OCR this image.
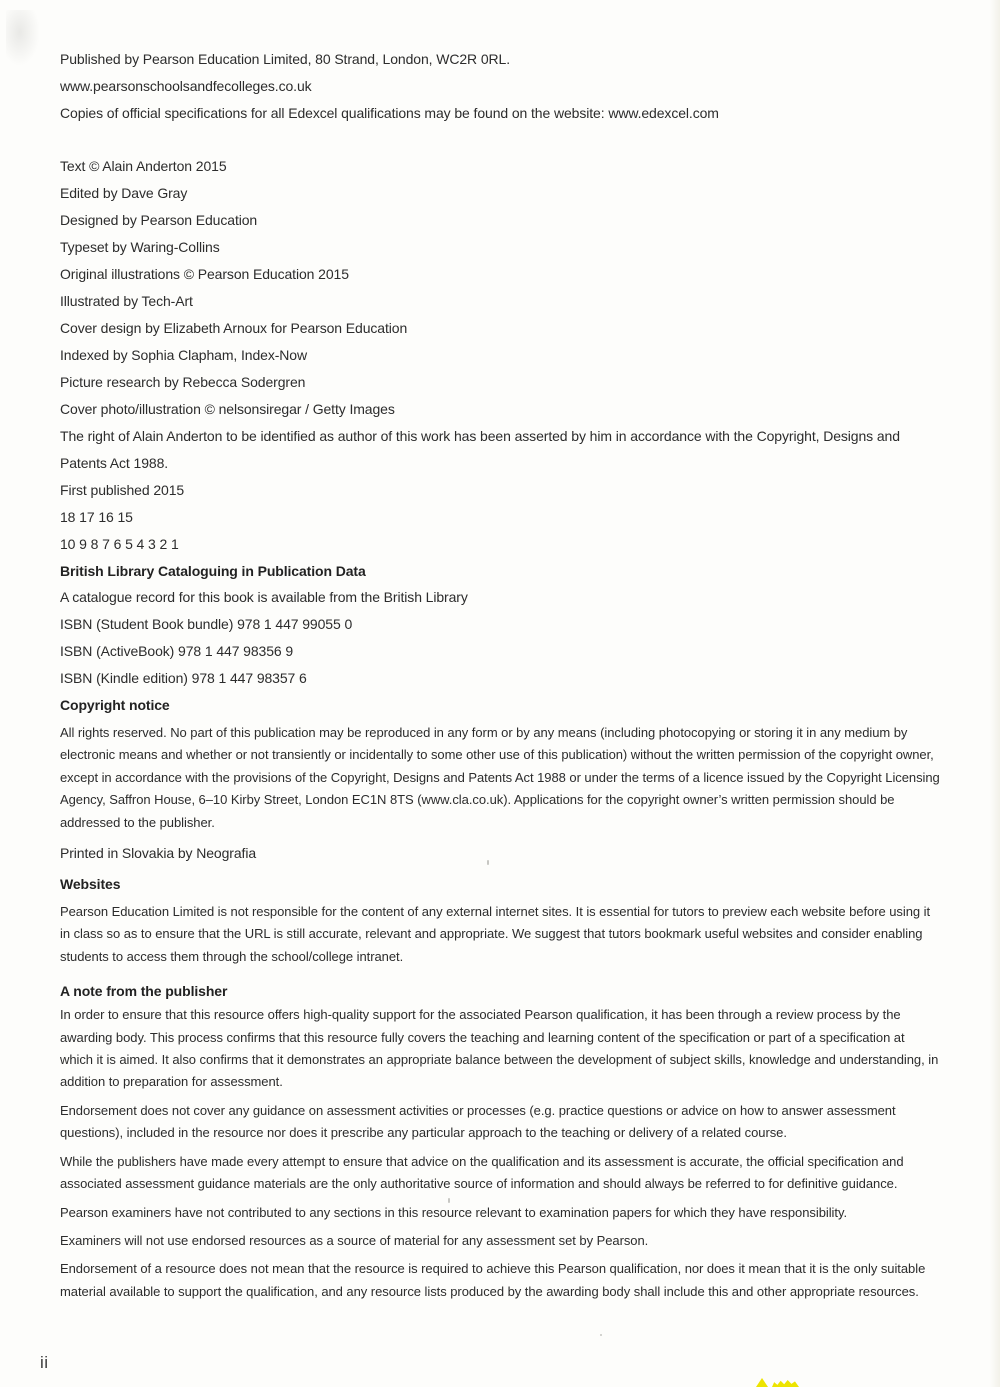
Published by Pearson Education Limited, 80 Strand, London, WC2R 0RL.
www.pearsonschoolsandfecolleges.co.uk
Copies of official specifications for all Edexcel qualifications may be found on the website: www.edexcel.com
Text © Alain Anderton 2015
Edited by Dave Gray
Designed by Pearson Education
Typeset by Waring-Collins
Original illustrations © Pearson Education 2015
Illustrated by Tech-Art
Cover design by Elizabeth Arnoux for Pearson Education
Indexed by Sophia Clapham, Index-Now
Picture research by Rebecca Sodergren
Cover photo/illustration © nelsonsiregar / Getty Images
The right of Alain Anderton to be identified as author of this work has been asserted by him in accordance with the Copyright, Designs and Patents Act 1988.
First published 2015
18 17 16 15
10 9 8 7 6 5 4 3 2 1
British Library Cataloguing in Publication Data
A catalogue record for this book is available from the British Library
ISBN (Student Book bundle) 978 1 447 99055 0
ISBN (ActiveBook) 978 1 447 98356 9
ISBN (Kindle edition) 978 1 447 98357 6
Copyright notice
All rights reserved. No part of this publication may be reproduced in any form or by any means (including photocopying or storing it in any medium by electronic means and whether or not transiently or incidentally to some other use of this publication) without the written permission of the copyright owner, except in accordance with the provisions of the Copyright, Designs and Patents Act 1988 or under the terms of a licence issued by the Copyright Licensing Agency, Saffron House, 6–10 Kirby Street, London EC1N 8TS (www.cla.co.uk). Applications for the copyright owner’s written permission should be addressed to the publisher.
Printed in Slovakia by Neografia
Websites
Pearson Education Limited is not responsible for the content of any external internet sites. It is essential for tutors to preview each website before using it in class so as to ensure that the URL is still accurate, relevant and appropriate. We suggest that tutors bookmark useful websites and consider enabling students to access them through the school/college intranet.
A note from the publisher
In order to ensure that this resource offers high-quality support for the associated Pearson qualification, it has been through a review process by the awarding body. This process confirms that this resource fully covers the teaching and learning content of the specification or part of a specification at which it is aimed. It also confirms that it demonstrates an appropriate balance between the development of subject skills, knowledge and understanding, in addition to preparation for assessment.
Endorsement does not cover any guidance on assessment activities or processes (e.g. practice questions or advice on how to answer assessment questions), included in the resource nor does it prescribe any particular approach to the teaching or delivery of a related course.
While the publishers have made every attempt to ensure that advice on the qualification and its assessment is accurate, the official specification and associated assessment guidance materials are the only authoritative source of information and should always be referred to for definitive guidance.
Pearson examiners have not contributed to any sections in this resource relevant to examination papers for which they have responsibility.
Examiners will not use endorsed resources as a source of material for any assessment set by Pearson.
Endorsement of a resource does not mean that the resource is required to achieve this Pearson qualification, nor does it mean that it is the only suitable material available to support the qualification, and any resource lists produced by the awarding body shall include this and other appropriate resources.
ii
